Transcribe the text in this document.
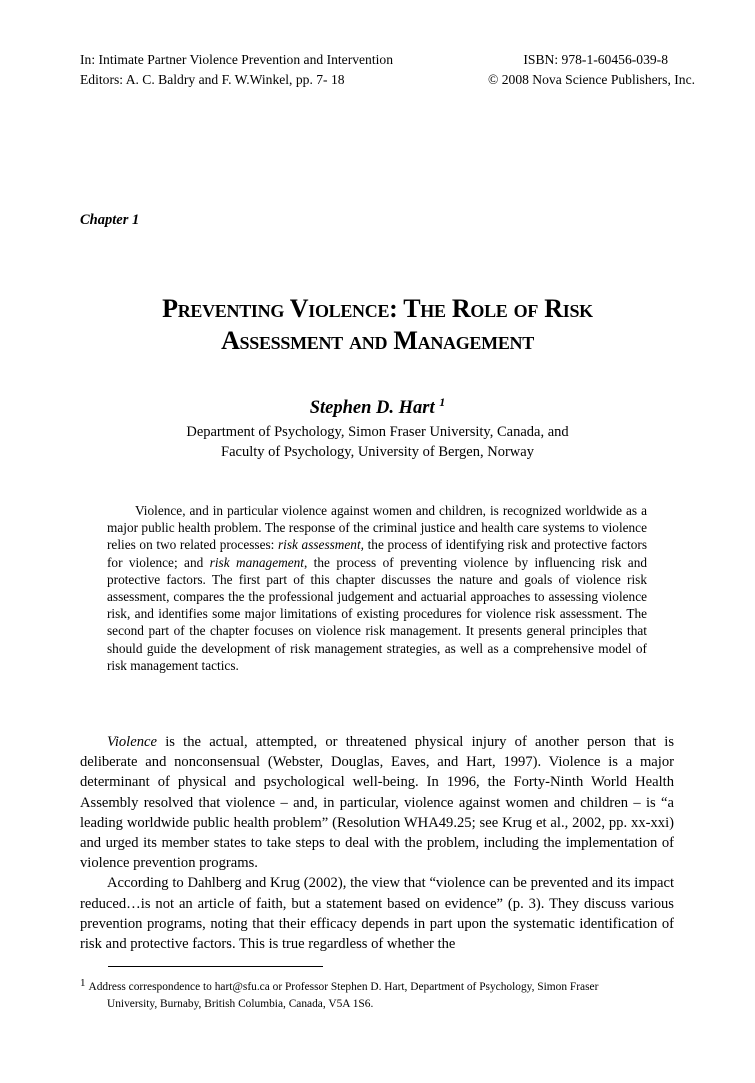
In: Intimate Partner Violence Prevention and Intervention
Editors: A. C. Baldry and F. W.Winkel, pp. 7- 18
ISBN: 978-1-60456-039-8
© 2008 Nova Science Publishers, Inc.
Chapter 1
Preventing Violence: The Role of Risk
Assessment and Management
Stephen D. Hart $^1$
Department of Psychology, Simon Fraser University, Canada, and
Faculty of Psychology, University of Bergen, Norway

Violence, and in particular violence against women and children, is recognized worldwide as a major public health problem. The response of the criminal justice and health care systems to violence relies on two related processes: risk assessment, the process of identifying risk and protective factors for violence; and risk management, the process of preventing violence by influencing risk and protective factors. The first part of this chapter discusses the nature and goals of violence risk assessment, compares the the professional judgement and actuarial approaches to assessing violence risk, and identifies some major limitations of existing procedures for violence risk assessment. The second part of the chapter focuses on violence risk management. It presents general principles that should guide the development of risk management strategies, as well as a comprehensive model of risk management tactics.

Violence is the actual, attempted, or threatened physical injury of another person that is deliberate and nonconsensual (Webster, Douglas, Eaves, and Hart, 1997). Violence is a major determinant of physical and psychological well-being. In 1996, the Forty-Ninth World Health Assembly resolved that violence – and, in particular, violence against women and children – is “a leading worldwide public health problem” (Resolution WHA49.25; see Krug et al., 2002, pp. xx-xxi) and urged its member states to take steps to deal with the problem, including the implementation of violence prevention programs.

According to Dahlberg and Krug (2002), the view that “violence can be prevented and its impact reduced…is not an article of faith, but a statement based on evidence” (p. 3). They discuss various prevention programs, noting that their efficacy depends in part upon the systematic identification of risk and protective factors. This is true regardless of whether the

1 Address correspondence to hart@sfu.ca or Professor Stephen D. Hart, Department of Psychology, Simon Fraser
University, Burnaby, British Columbia, Canada, V5A 1S6.
